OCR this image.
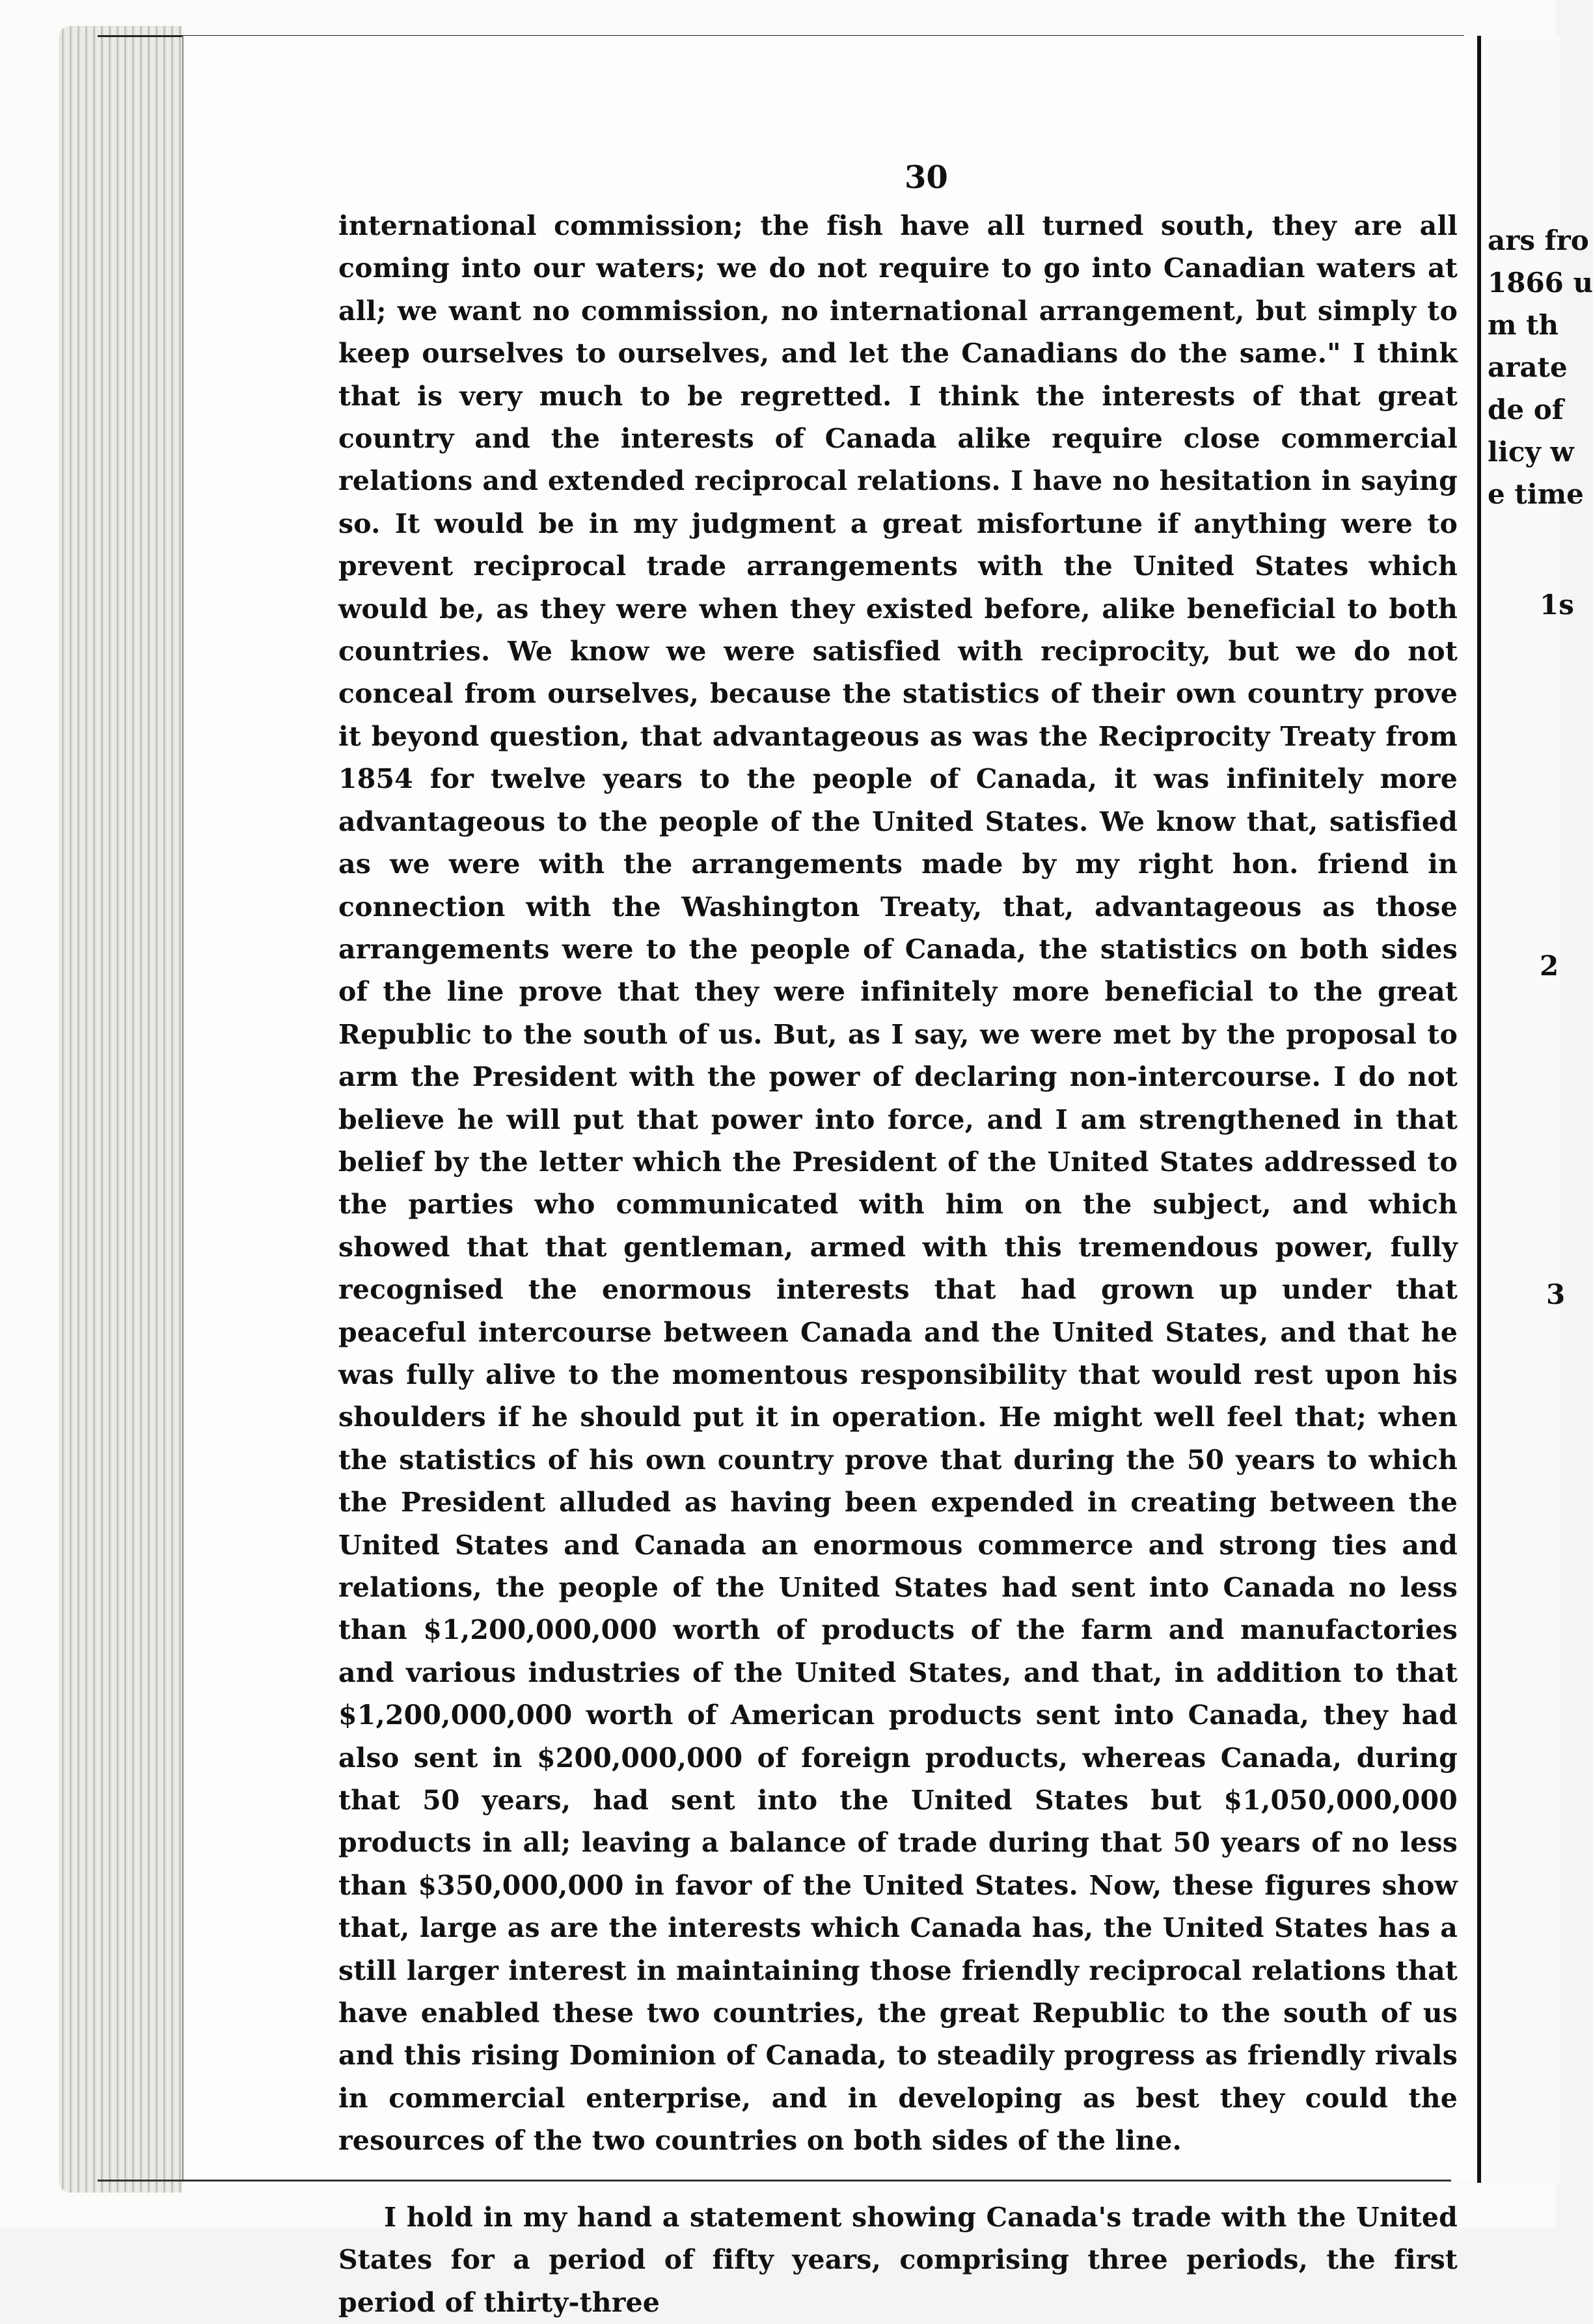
30

international commission; the fish have all turned south, they are all coming into our waters; we do not require to go into Canadian waters at all; we want no commission, no international arrangement, but simply to keep ourselves to ourselves, and let the Canadians do the same." I think that is very much to be regretted. I think the interests of that great country and the interests of Canada alike require close commercial relations and extended reciprocal relations. I have no hesitation in saying so. It would be in my judgment a great misfortune if anything were to prevent reciprocal trade arrangements with the United States which would be, as they were when they existed before, alike beneficial to both countries. We know we were satisfied with reciprocity, but we do not conceal from ourselves, because the statistics of their own country prove it beyond question, that advantageous as was the Reciprocity Treaty from 1854 for twelve years to the people of Canada, it was infinitely more advantageous to the people of the United States. We know that, satisfied as we were with the arrangements made by my right hon. friend in connection with the Washington Treaty, that, advantageous as those arrangements were to the people of Canada, the statistics on both sides of the line prove that they were infinitely more beneficial to the great Republic to the south of us. But, as I say, we were met by the proposal to arm the President with the power of declaring non-intercourse. I do not believe he will put that power into force, and I am strengthened in that belief by the letter which the President of the United States addressed to the parties who communicated with him on the subject, and which showed that that gentleman, armed with this tremendous power, fully recognised the enormous interests that had grown up under that peaceful intercourse between Canada and the United States, and that he was fully alive to the momentous responsibility that would rest upon his shoulders if he should put it in operation. He might well feel that; when the statistics of his own country prove that during the 50 years to which the President alluded as having been expended in creating between the United States and Canada an enormous commerce and strong ties and relations, the people of the United States had sent into Canada no less than $1,200,000,000 worth of products of the farm and manufactories and various industries of the United States, and that, in addition to that $1,200,000,000 worth of American products sent into Canada, they had also sent in $200,000,000 of foreign products, whereas Canada, during that 50 years, had sent into the United States but $1,050,000,000 products in all; leaving a balance of trade during that 50 years of no less than $350,000,000 in favor of the United States. Now, these figures show that, large as are the interests which Canada has, the United States has a still larger interest in maintaining those friendly reciprocal relations that have enabled these two countries, the great Republic to the south of us and this rising Dominion of Canada, to steadily progress as friendly rivals in commercial enterprise, and in developing as best they could the resources of the two countries on both sides of the line.

I hold in my hand a statement showing Canada's trade with the United States for a period of fifty years, comprising three periods, the first period of thirty-three

ars fro
1866 u
m th
arate
de of
licy w
e time
1s
2
3
